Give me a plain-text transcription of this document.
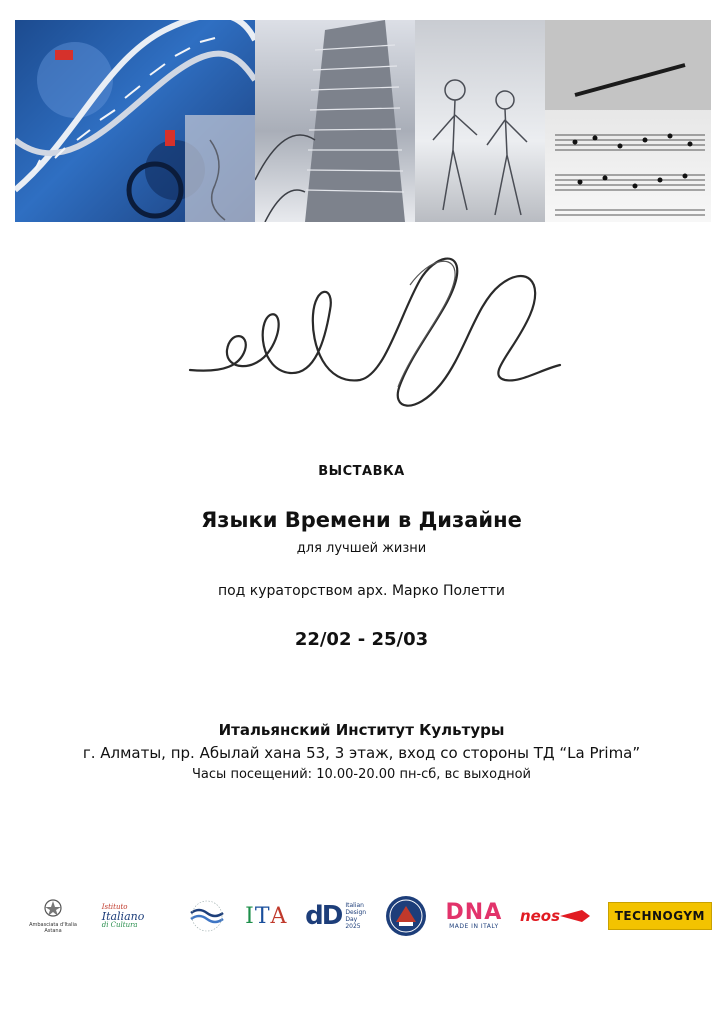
ВЫСТАВКА

Языки Времени в Дизайне

для лучшей жизни

под кураторством арх. Марко Полетти

22/02 - 25/03

Итальянский Институт Культуры

г. Алматы, пр. Абылай хана 53, 3 этаж, вход со стороны ТД “La Prima”

Часы посещений: 10.00-20.00 пн-сб, вс выходной

Ambasciata d'Italia Astana
Istituto
Italiano
di Cultura	I T A dD Italian
Design
Day
2025
DNA
MADE IN ITALY
neos	TECHNOGYM
